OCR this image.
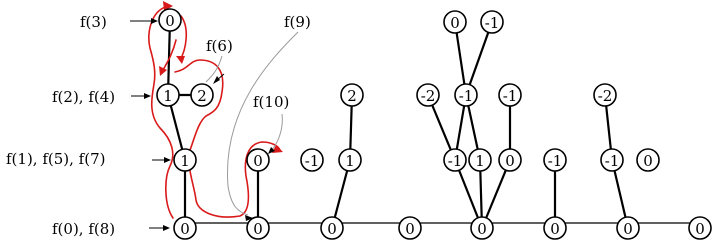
0
1
1
0
2
0
0
0
-1 1
2
0	0
-1 1 0
-2 -1
0
-1
-1
0
-1
0
-1 0
-2
0
f(3)
f(6)
f(9)
f(2), f(4)	f(10)
f(1), f(5), f(7)
f(0), f(8)
